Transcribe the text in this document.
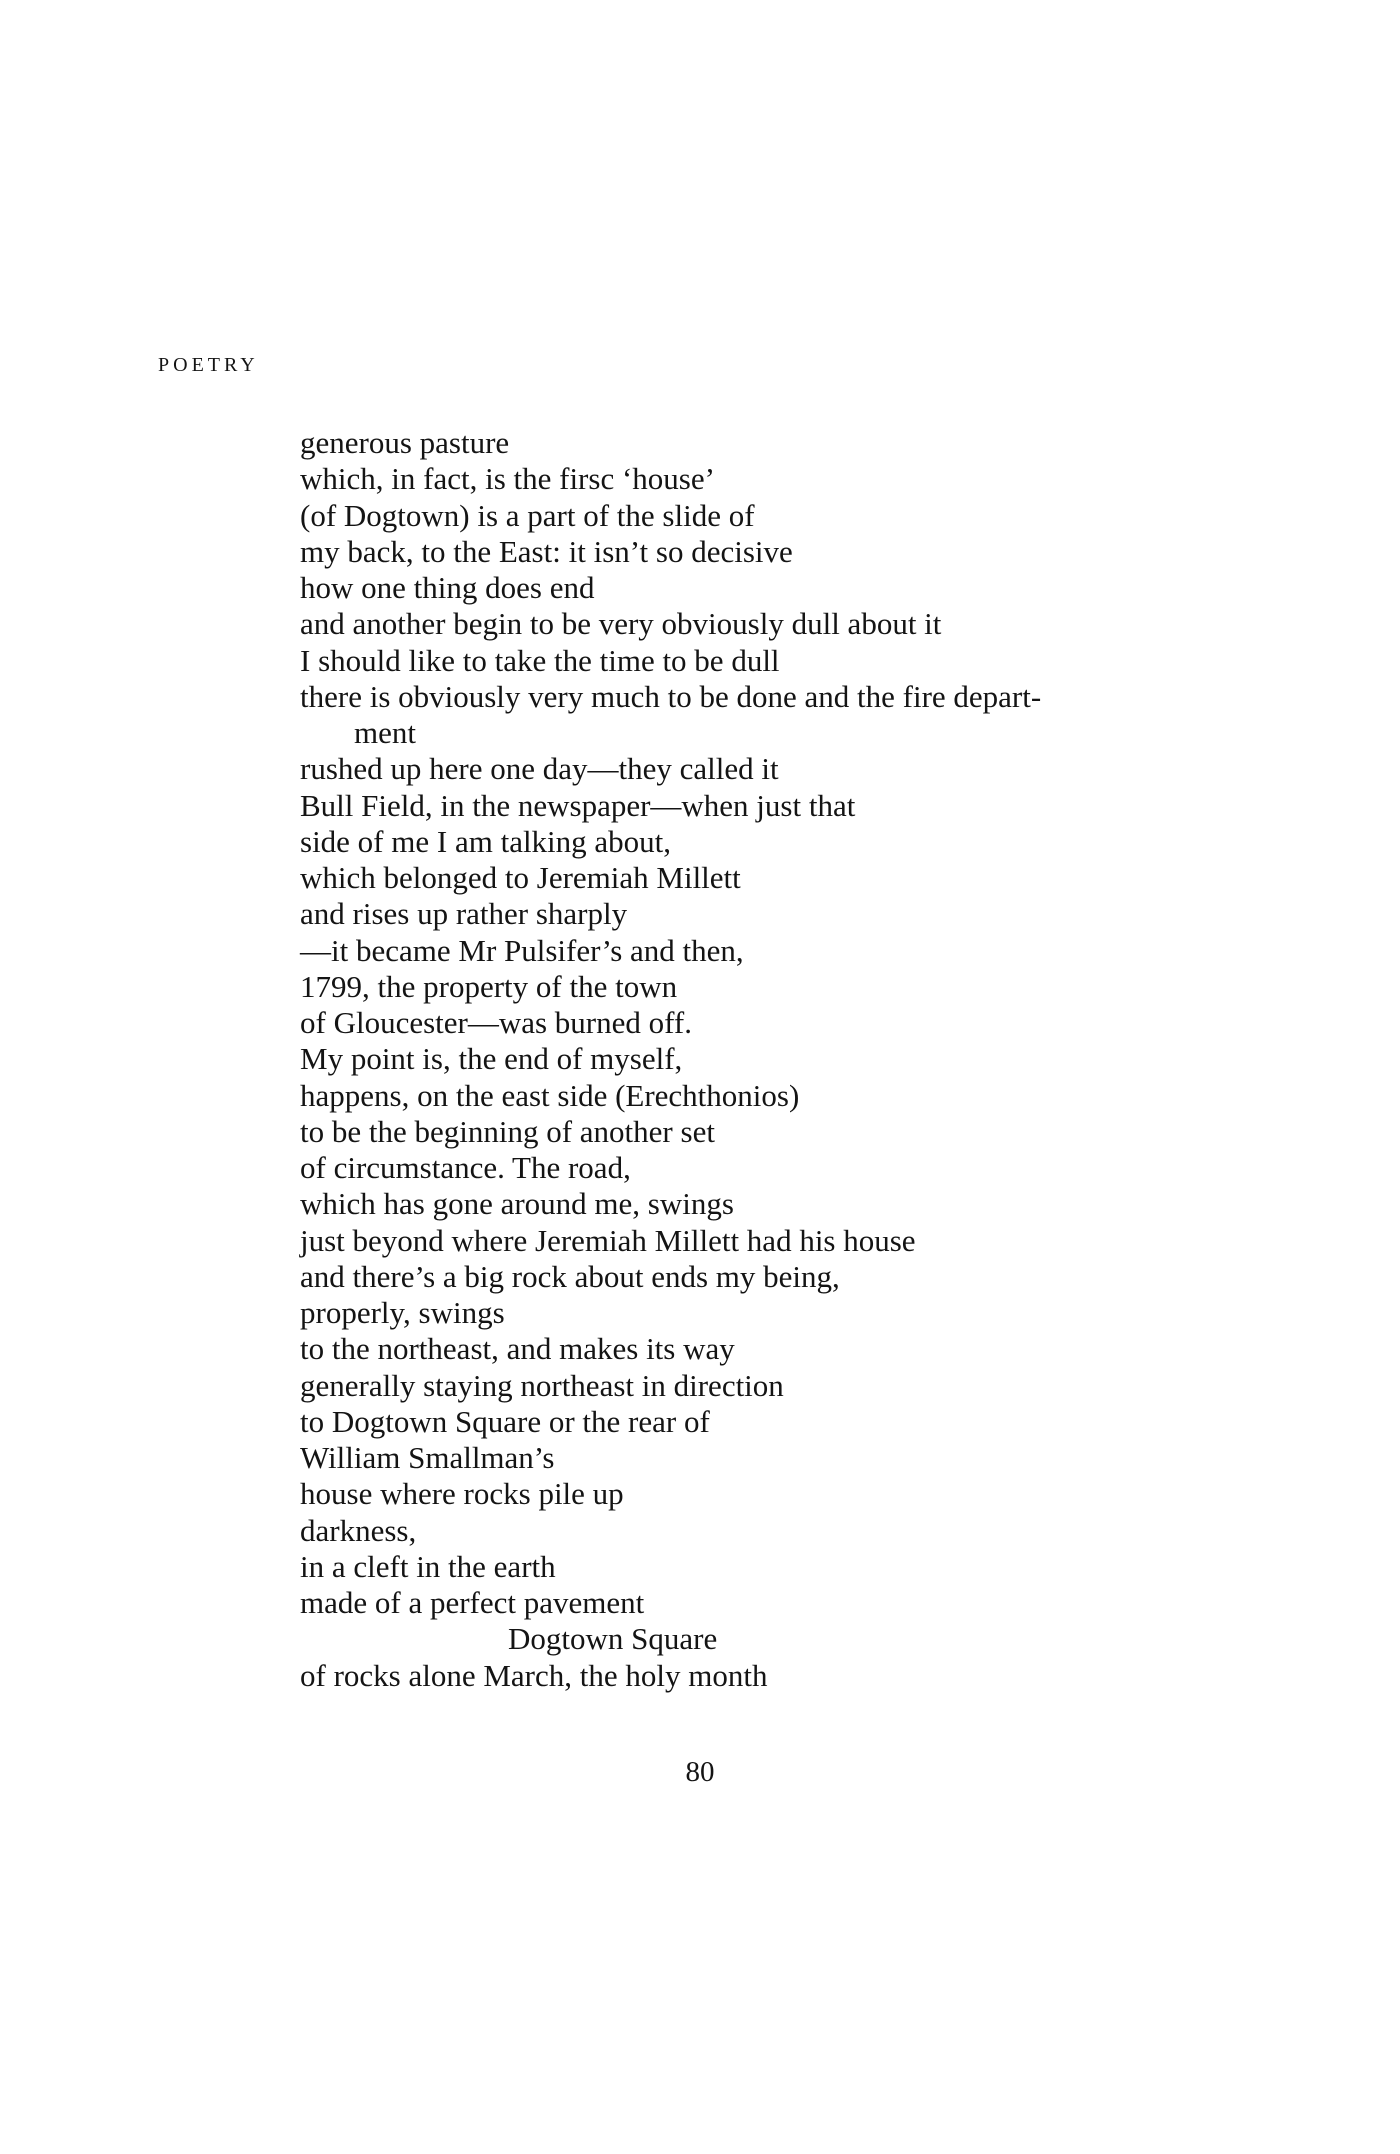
POETRY
generous pasture
which, in fact, is the firsc ‘house’
(of Dogtown) is a part of the slide of
my back, to the East: it isn’t so decisive
how one thing does end
and another begin to be very obviously dull about it
I should like to take the time to be dull
there is obviously very much to be done and the fire depart-
ment
rushed up here one day—they called it
Bull Field, in the newspaper—when just that
side of me I am talking about,
which belonged to Jeremiah Millett
and rises up rather sharply
—it became Mr Pulsifer’s and then,
1799, the property of the town
of Gloucester—was burned off.
My point is, the end of myself,
happens, on the east side (Erechthonios)
to be the beginning of another set
of circumstance. The road,
which has gone around me, swings
just beyond where Jeremiah Millett had his house
and there’s a big rock about ends my being,
properly, swings
to the northeast, and makes its way
generally staying northeast in direction
to Dogtown Square or the rear of
William Smallman’s
house where rocks pile up
darkness,
in a cleft in the earth
made of a perfect pavement
Dogtown Square
of rocks alone March, the holy month
80
